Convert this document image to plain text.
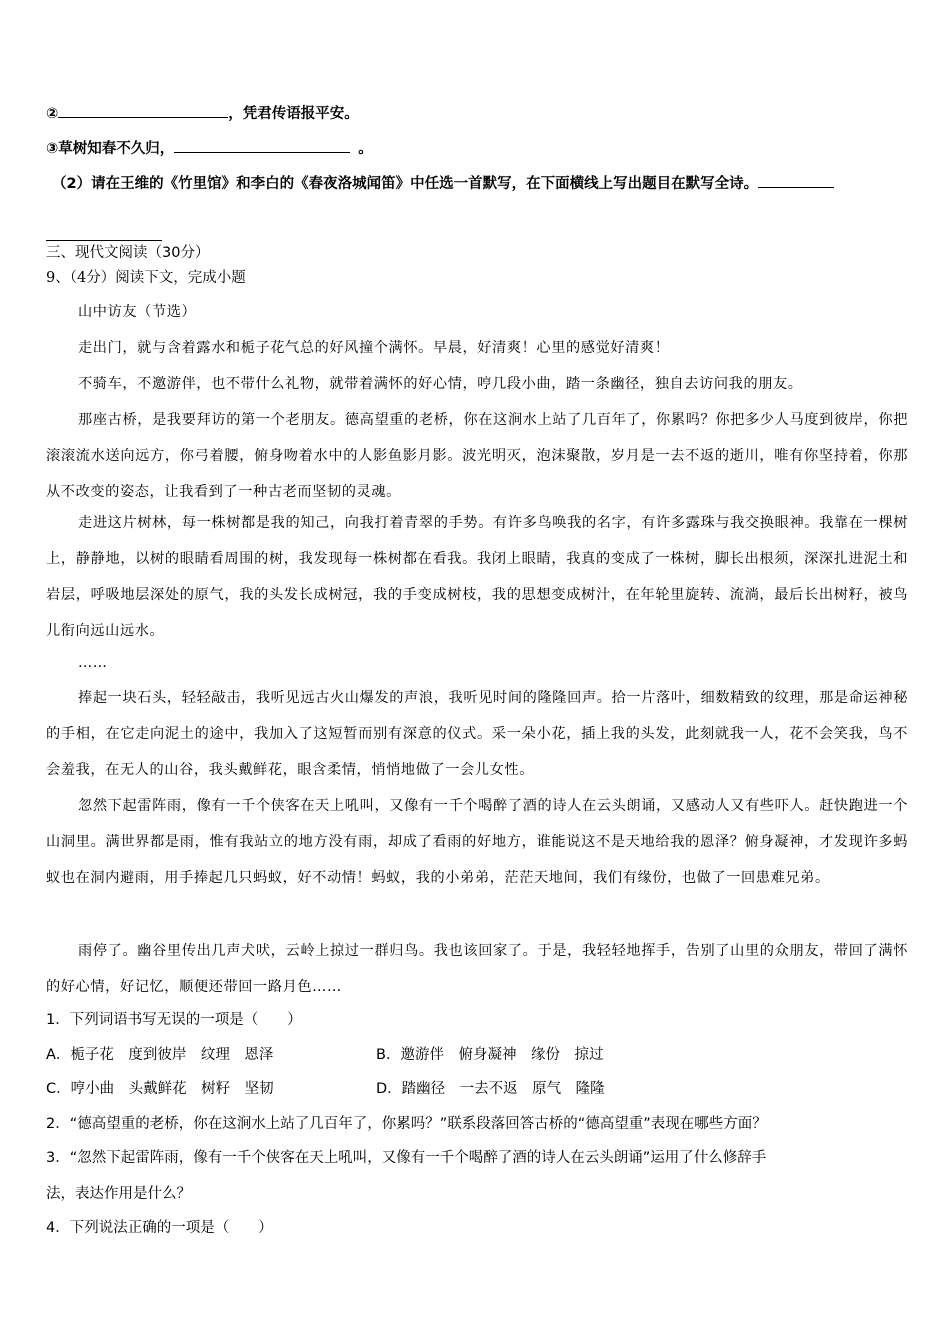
②	，凭君传语报平安。
③草树知春不久归，	。
（2）请在王维的《竹里馆》和李白的《春夜洛城闻笛》中任选一首默写，在下面横线上写出题目在默写全诗。
三、现代文阅读（30分）
9、（4分）阅读下文，完成小题
山中访友（节选）
走出门，就与含着露水和栀子花气总的好风撞个满怀。早晨，好清爽！心里的感觉好清爽！
不骑车，不邀游伴，也不带什么礼物，就带着满怀的好心情，哼几段小曲，踏一条幽径，独自去访问我的朋友。
那座古桥，是我要拜访的第一个老朋友。德高望重的老桥，你在这涧水上站了几百年了，你累吗？你把多少人马度到彼岸，你把滚滚流水送向远方，你弓着腰，俯身吻着水中的人影鱼影月影。波光明灭，泡沫聚散，岁月是一去不返的逝川，唯有你坚持着，你那从不改变的姿态，让我看到了一种古老而坚韧的灵魂。
走进这片树林，每一株树都是我的知己，向我打着青翠的手势。有许多鸟唤我的名字，有许多露珠与我交换眼神。我靠在一棵树上，静静地，以树的眼睛看周围的树，我发现每一株树都在看我。我闭上眼睛，我真的变成了一株树，脚长出根须，深深扎进泥土和岩层，呼吸地层深处的原气，我的头发长成树冠，我的手变成树枝，我的思想变成树汁，在年轮里旋转、流淌，最后长出树籽，被鸟儿衔向远山远水。
……
捧起一块石头，轻轻敲击，我听见远古火山爆发的声浪，我听见时间的隆隆回声。拾一片落叶，细数精致的纹理，那是命运神秘的手相，在它走向泥土的途中，我加入了这短暂而别有深意的仪式。采一朵小花，插上我的头发，此刻就我一人，花不会笑我，鸟不会羞我，在无人的山谷，我头戴鲜花，眼含柔情，悄悄地做了一会儿女性。
忽然下起雷阵雨，像有一千个侠客在天上吼叫，又像有一千个喝醉了酒的诗人在云头朗诵，又感动人又有些吓人。赶快跑进一个山洞里。满世界都是雨，惟有我站立的地方没有雨，却成了看雨的好地方，谁能说这不是天地给我的恩泽？俯身凝神，才发现许多蚂蚁也在洞内避雨，用手捧起几只蚂蚁，好不动情！蚂蚁，我的小弟弟，茫茫天地间，我们有缘份，也做了一回患难兄弟。
雨停了。幽谷里传出几声犬吠，云岭上掠过一群归鸟。我也该回家了。于是，我轻轻地挥手，告别了山里的众朋友，带回了满怀的好心情，好记忆，顺便还带回一路月色……
1．下列词语书写无误的一项是（　　）
A．栀子花　度到彼岸　纹理　恩泽	B．邀游伴　俯身凝神　缘份　掠过
C．哼小曲　头戴鲜花　树籽　坚韧	D．踏幽径　一去不返　原气　隆隆
2．“德高望重的老桥，你在这涧水上站了几百年了，你累吗？”联系段落回答古桥的“德高望重”表现在哪些方面？
3．“忽然下起雷阵雨，像有一千个侠客在天上吼叫，又像有一千个喝醉了酒的诗人在云头朗诵”运用了什么修辞手
法，表达作用是什么？
4．下列说法正确的一项是（　　）
